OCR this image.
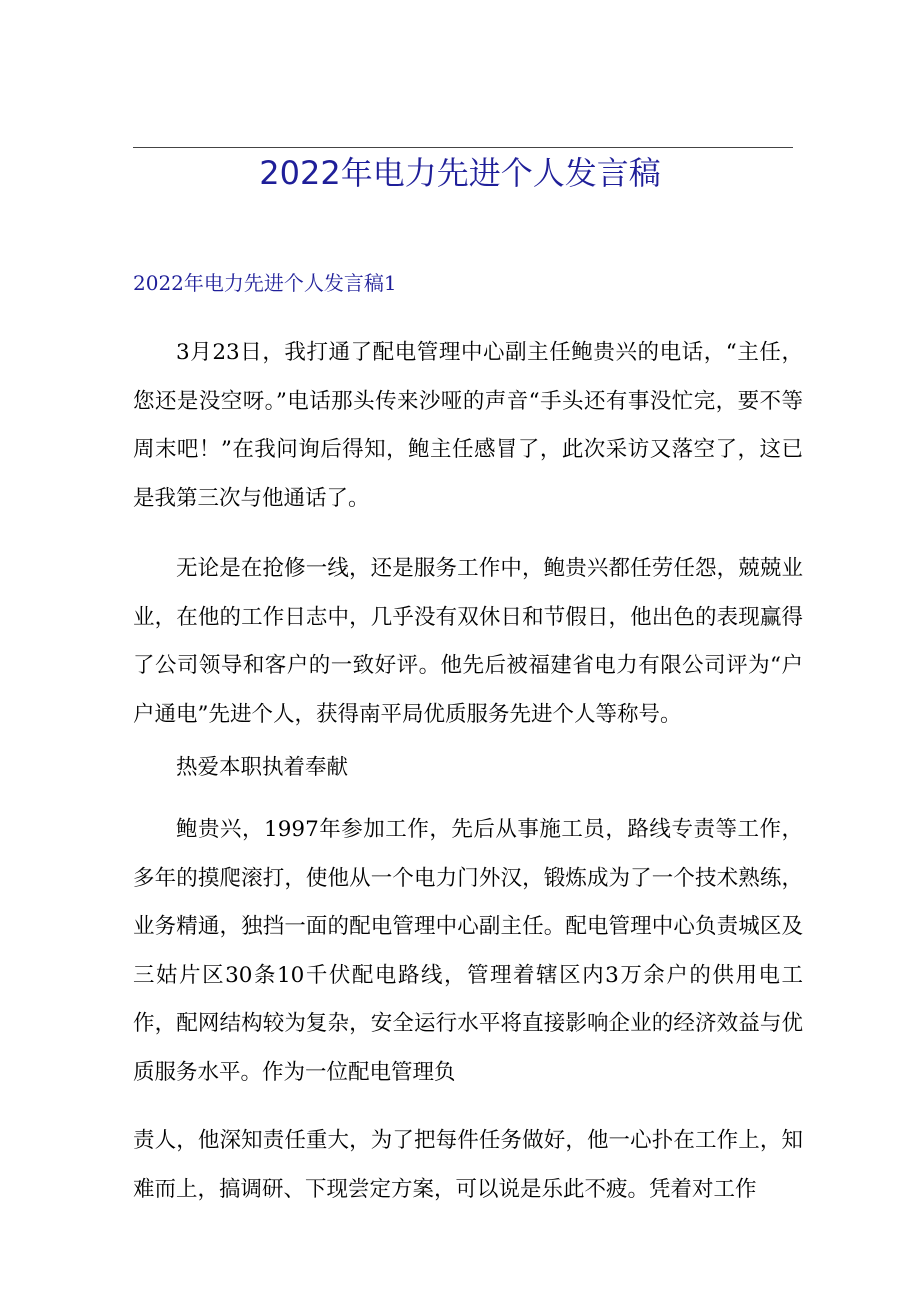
2022年电力先进个人发言稿
2022年电力先进个人发言稿1

3月23日，我打通了配电管理中心副主任鲍贵兴的电话，“主任，您还是没空呀。”电话那头传来沙哑的声音“手头还有事没忙完，要不等周末吧！”在我问询后得知，鲍主任感冒了，此次采访又落空了，这已是我第三次与他通话了。

无论是在抢修一线，还是服务工作中，鲍贵兴都任劳任怨，兢兢业业，在他的工作日志中，几乎没有双休日和节假日，他出色的表现赢得了公司领导和客户的一致好评。他先后被福建省电力有限公司评为“户户通电”先进个人，获得南平局优质服务先进个人等称号。

热爱本职执着奉献

鲍贵兴，1997年参加工作，先后从事施工员，路线专责等工作，多年的摸爬滚打，使他从一个电力门外汉，锻炼成为了一个技术熟练，业务精通，独挡一面的配电管理中心副主任。配电管理中心负责城区及三姑片区30条10千伏配电路线，管理着辖区内3万余户的供用电工作，配网结构较为复杂，安全运行水平将直接影响企业的经济效益与优质服务水平。作为一位配电管理负

责人，他深知责任重大，为了把每件任务做好，他一心扑在工作上，知难而上，搞调研、下现尝定方案，可以说是乐此不疲。凭着对工作
